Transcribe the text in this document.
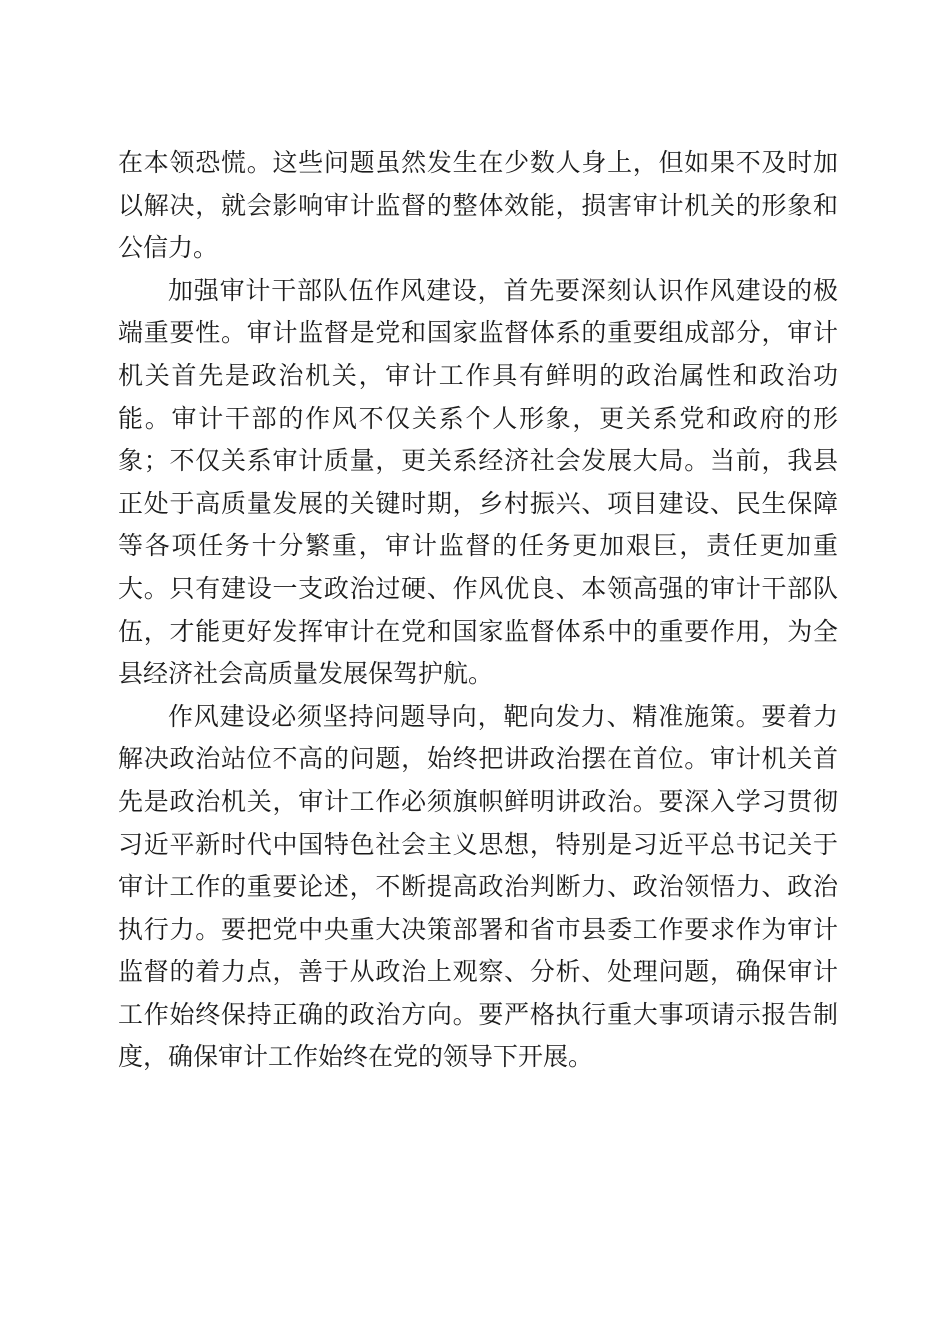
在本领恐慌。这些问题虽然发生在少数人身上，但如果不及时加以解决，就会影响审计监督的整体效能，损害审计机关的形象和公信力。

加强审计干部队伍作风建设，首先要深刻认识作风建设的极端重要性。审计监督是党和国家监督体系的重要组成部分，审计机关首先是政治机关，审计工作具有鲜明的政治属性和政治功能。审计干部的作风不仅关系个人形象，更关系党和政府的形象；不仅关系审计质量，更关系经济社会发展大局。当前，我县正处于高质量发展的关键时期，乡村振兴、项目建设、民生保障等各项任务十分繁重，审计监督的任务更加艰巨，责任更加重大。只有建设一支政治过硬、作风优良、本领高强的审计干部队伍，才能更好发挥审计在党和国家监督体系中的重要作用，为全县经济社会高质量发展保驾护航。

作风建设必须坚持问题导向，靶向发力、精准施策。要着力解决政治站位不高的问题，始终把讲政治摆在首位。审计机关首先是政治机关，审计工作必须旗帜鲜明讲政治。要深入学习贯彻习近平新时代中国特色社会主义思想，特别是习近平总书记关于审计工作的重要论述，不断提高政治判断力、政治领悟力、政治执行力。要把党中央重大决策部署和省市县委工作要求作为审计监督的着力点，善于从政治上观察、分析、处理问题，确保审计工作始终保持正确的政治方向。要严格执行重大事项请示报告制度，确保审计工作始终在党的领导下开展。
